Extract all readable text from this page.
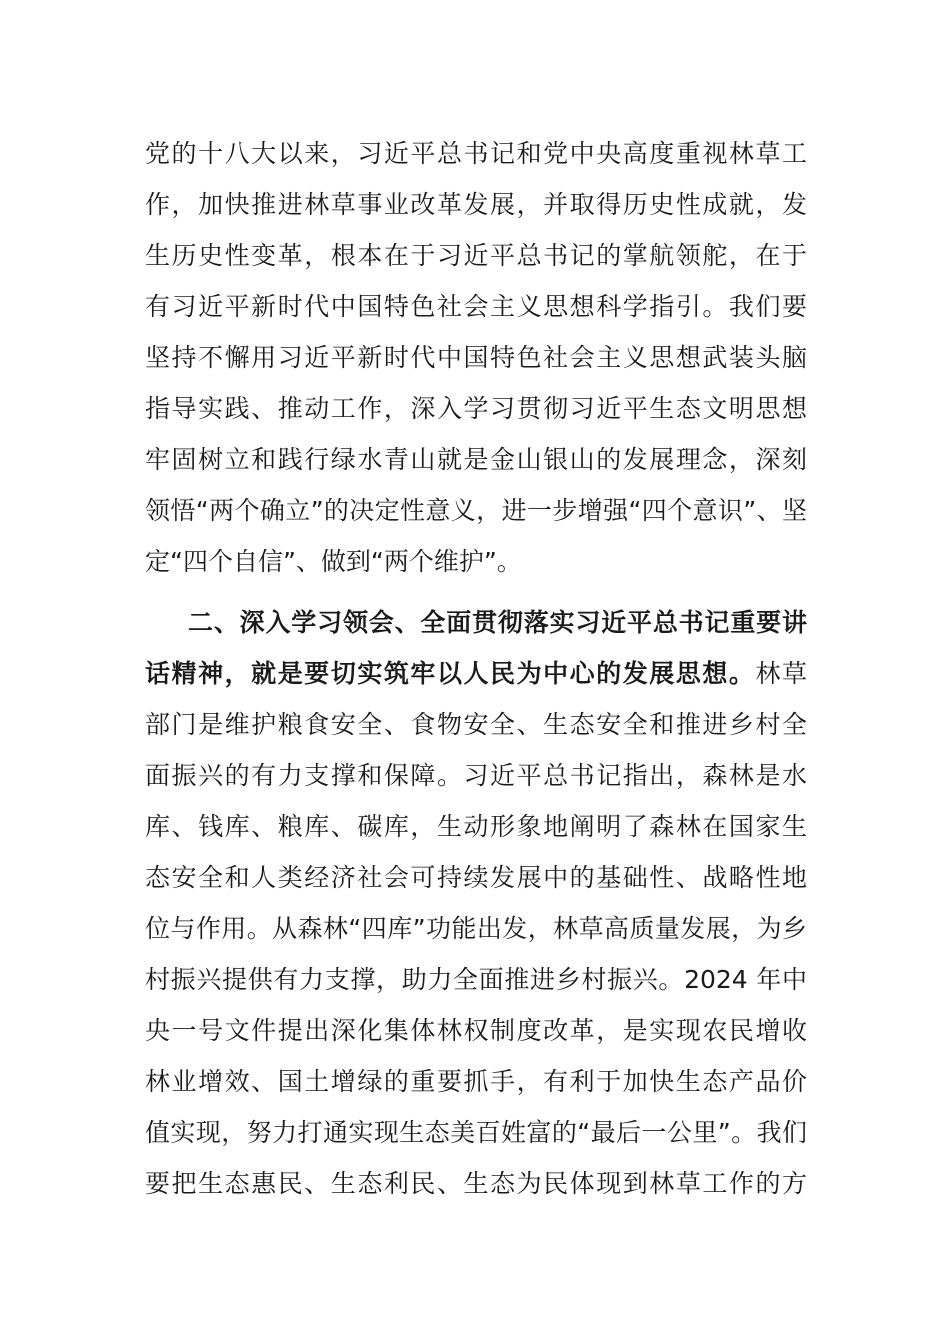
党的十八大以来，习近平总书记和党中央高度重视林草工
作，加快推进林草事业改革发展，并取得历史性成就，发
生历史性变革，根本在于习近平总书记的掌航领舵，在于
有习近平新时代中国特色社会主义思想科学指引。我们要
坚持不懈用习近平新时代中国特色社会主义思想武装头脑
指导实践、推动工作，深入学习贯彻习近平生态文明思想
牢固树立和践行绿水青山就是金山银山的发展理念，深刻
领悟“两个确立”的决定性意义，进一步增强“四个意识”、坚
定“四个自信”、做到“两个维护”。
二、深入学习领会、全面贯彻落实习近平总书记重要讲
话精神，就是要切实筑牢以人民为中心的发展思想。林草
部门是维护粮食安全、食物安全、生态安全和推进乡村全
面振兴的有力支撑和保障。习近平总书记指出，森林是水
库、钱库、粮库、碳库，生动形象地阐明了森林在国家生
态安全和人类经济社会可持续发展中的基础性、战略性地
位与作用。从森林“四库”功能出发，林草高质量发展，为乡
村振兴提供有力支撑，助力全面推进乡村振兴。2024 年中
央一号文件提出深化集体林权制度改革，是实现农民增收
林业增效、国土增绿的重要抓手，有利于加快生态产品价
值实现，努力打通实现生态美百姓富的“最后一公里”。我们
要把生态惠民、生态利民、生态为民体现到林草工作的方
